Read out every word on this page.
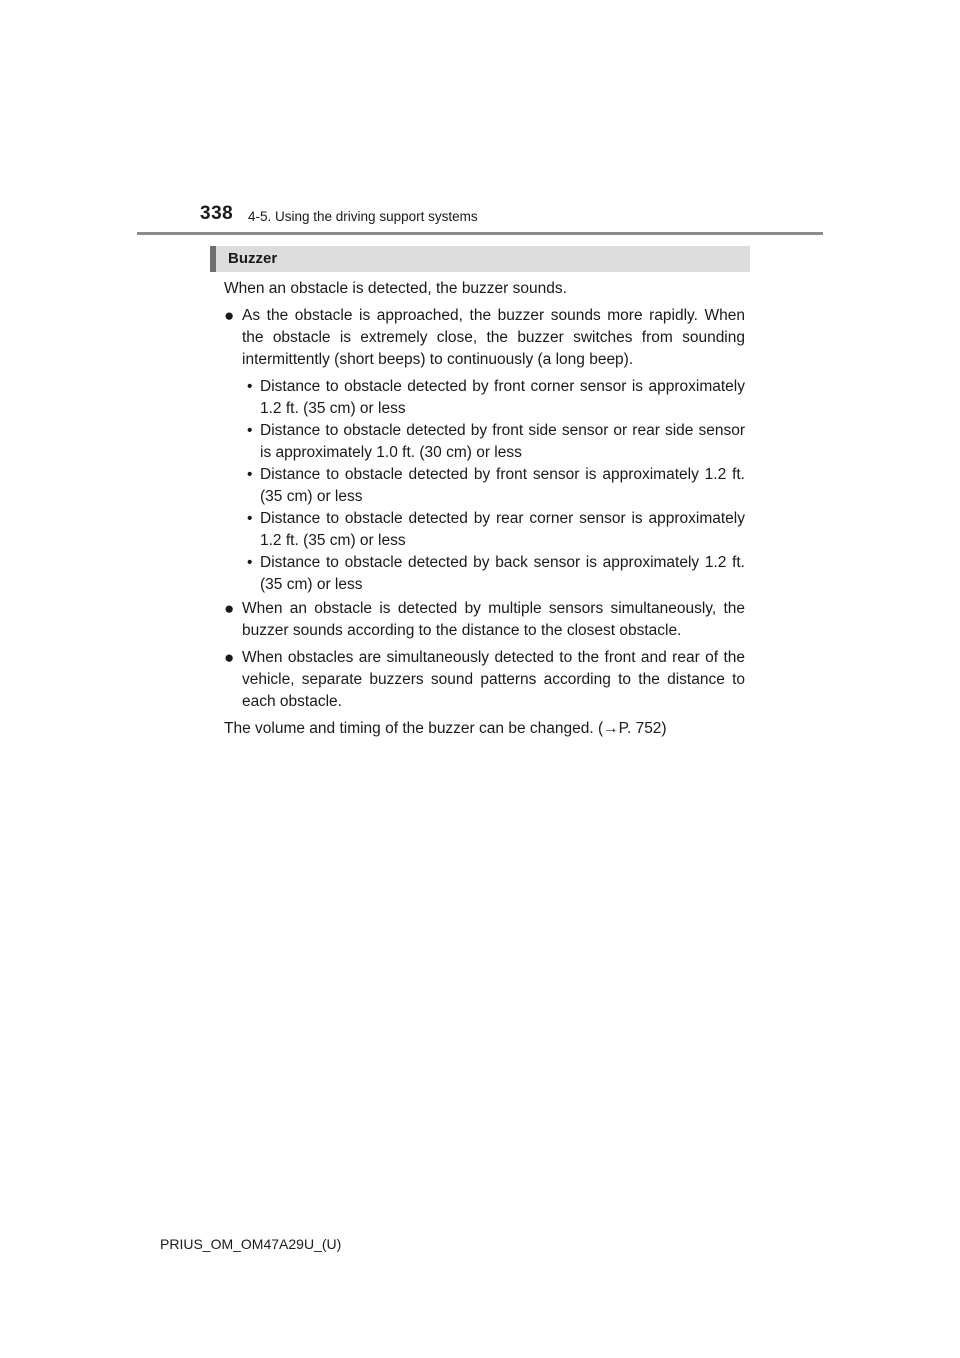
338 4-5. Using the driving support systems
Buzzer

When an obstacle is detected, the buzzer sounds.

● As the obstacle is approached, the buzzer sounds more rapidly. When the obstacle is extremely close, the buzzer switches from sounding intermittently (short beeps) to continuously (a long beep).
• Distance to obstacle detected by front corner sensor is approximately 1.2 ft. (35 cm) or less
• Distance to obstacle detected by front side sensor or rear side sensor is approximately 1.0 ft. (30 cm) or less
• Distance to obstacle detected by front sensor is approximately 1.2 ft. (35 cm) or less
• Distance to obstacle detected by rear corner sensor is approximately 1.2 ft. (35 cm) or less
• Distance to obstacle detected by back sensor is approximately 1.2 ft. (35 cm) or less
● When an obstacle is detected by multiple sensors simultaneously, the buzzer sounds according to the distance to the closest obstacle.
● When obstacles are simultaneously detected to the front and rear of the vehicle, separate buzzers sound patterns according to the distance to each obstacle.

The volume and timing of the buzzer can be changed. (→P. 752)

PRIUS_OM_OM47A29U_(U)
